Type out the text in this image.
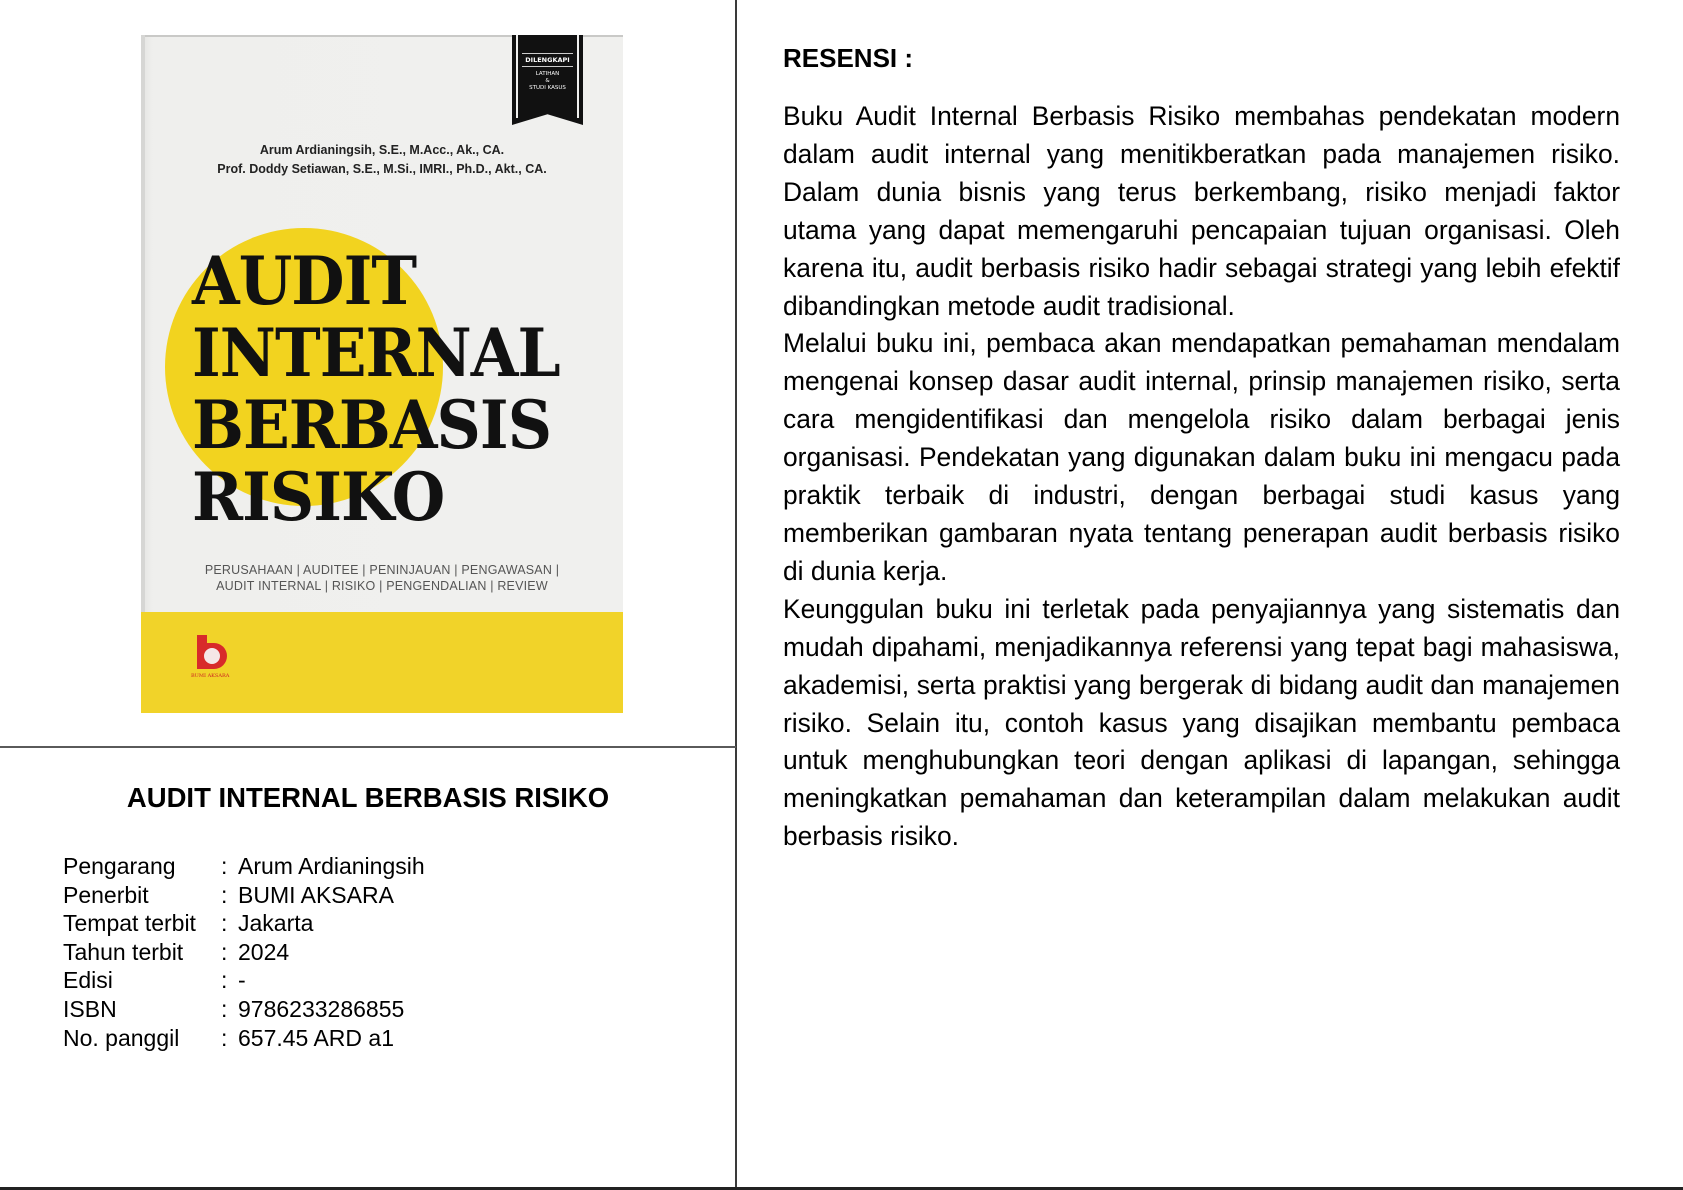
DILENGKAPI
LATIHAN
&
STUDI KASUS
Arum Ardianingsih, S.E., M.Acc., Ak., CA.
Prof. Doddy Setiawan, S.E., M.Si., IMRI., Ph.D., Akt., CA.
AUDIT
INTERNAL
BERBASIS
RISIKO
PERUSAHAAN | AUDITEE | PENINJAUAN | PENGAWASAN |
AUDIT INTERNAL | RISIKO | PENGENDALIAN | REVIEW
BUMI AKSARA
AUDIT INTERNAL BERBASIS RISIKO
Pengarang	: Arum Ardianingsih
Penerbit	: BUMI AKSARA
Tempat terbit	: Jakarta
Tahun terbit	: 2024
Edisi	: -
ISBN	: 9786233286855
No. panggil	: 657.45 ARD a1
RESENSI :

Buku Audit Internal Berbasis Risiko membahas pendekatan modern dalam audit internal yang menitikberatkan pada manajemen risiko. Dalam dunia bisnis yang terus berkembang, risiko menjadi faktor utama yang dapat memengaruhi pencapaian tujuan organisasi. Oleh karena itu, audit berbasis risiko hadir sebagai strategi yang lebih efektif dibandingkan metode audit tradisional.

Melalui buku ini, pembaca akan mendapatkan pemahaman mendalam mengenai konsep dasar audit internal, prinsip manajemen risiko, serta cara mengidentifikasi dan mengelola risiko dalam berbagai jenis organisasi. Pendekatan yang digunakan dalam buku ini mengacu pada praktik terbaik di industri, dengan berbagai studi kasus yang memberikan gambaran nyata tentang penerapan audit berbasis risiko di dunia kerja.

Keunggulan buku ini terletak pada penyajiannya yang sistematis dan mudah dipahami, menjadikannya referensi yang tepat bagi mahasiswa, akademisi, serta praktisi yang bergerak di bidang audit dan manajemen risiko. Selain itu, contoh kasus yang disajikan membantu pembaca untuk menghubungkan teori dengan aplikasi di lapangan, sehingga meningkatkan pemahaman dan keterampilan dalam melakukan audit berbasis risiko.
